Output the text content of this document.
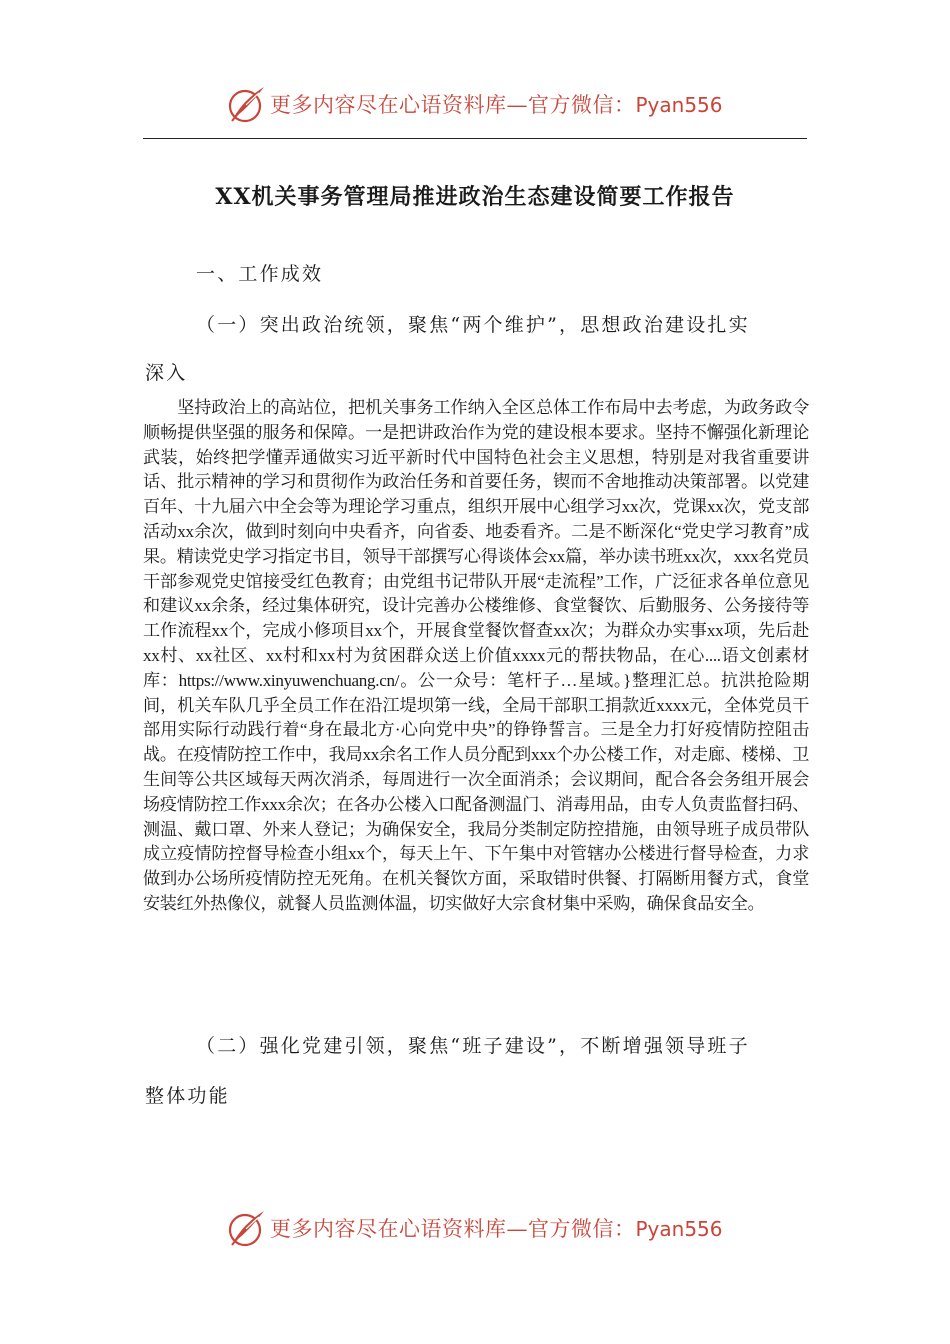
更多内容尽在心语资料库—官方微信：Pyan556
XX机关事务管理局推进政治生态建设简要工作报告
一、工作成效
（一）突出政治统领，聚焦“两个维护”，思想政治建设扎实
深入

坚持政治上的高站位，把机关事务工作纳入全区总体工作布局中去考虑，为政务政令顺畅提供坚强的服务和保障。一是把讲政治作为党的建设根本要求。坚持不懈强化新理论武装，始终把学懂弄通做实习近平新时代中国特色社会主义思想，特别是对我省重要讲话、批示精神的学习和贯彻作为政治任务和首要任务，锲而不舍地推动决策部署。以党建百年、十九届六中全会等为理论学习重点，组织开展中心组学习xx次，党课xx次，党支部活动xx余次，做到时刻向中央看齐，向省委、地委看齐。二是不断深化“党史学习教育”成果。精读党史学习指定书目，领导干部撰写心得谈体会xx篇，举办读书班xx次，xxx名党员干部参观党史馆接受红色教育；由党组书记带队开展“走流程”工作，广泛征求各单位意见和建议xx余条，经过集体研究，设计完善办公楼维修、食堂餐饮、后勤服务、公务接待等工作流程xx个，完成小修项目xx个，开展食堂餐饮督查xx次；为群众办实事xx项，先后赴xx村、xx社区、xx村和xx村为贫困群众送上价值xxxx元的帮扶物品，在心....语文创素材库：https://www.xinyuwenchuang.cn/。公一众号：笔杆子…星域。}整理汇总。抗洪抢险期间，机关车队几乎全员工作在沿江堤坝第一线，全局干部职工捐款近xxxx元，全体党员干部用实际行动践行着“身在最北方·心向党中央”的铮铮誓言。三是全力打好疫情防控阻击战。在疫情防控工作中，我局xx余名工作人员分配到xxx个办公楼工作，对走廊、楼梯、卫生间等公共区域每天两次消杀，每周进行一次全面消杀；会议期间，配合各会务组开展会场疫情防控工作xxx余次；在各办公楼入口配备测温门、消毒用品，由专人负责监督扫码、测温、戴口罩、外来人登记；为确保安全，我局分类制定防控措施，由领导班子成员带队成立疫情防控督导检查小组xx个，每天上午、下午集中对管辖办公楼进行督导检查，力求做到办公场所疫情防控无死角。在机关餐饮方面，采取错时供餐、打隔断用餐方式，食堂安装红外热像仪，就餐人员监测体温，切实做好大宗食材集中采购，确保食品安全。

（二）强化党建引领，聚焦“班子建设”，不断增强领导班子
整体功能
更多内容尽在心语资料库—官方微信：Pyan556
